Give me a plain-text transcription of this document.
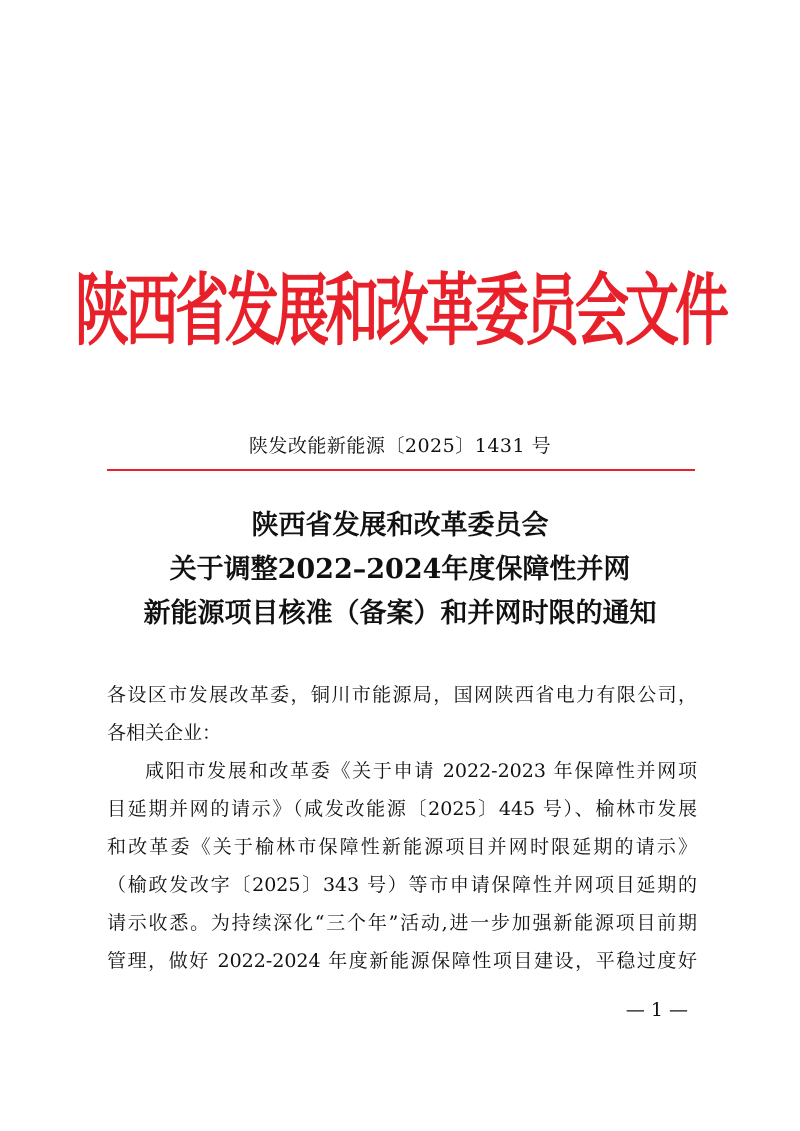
陕西省发展和改革委员会文件
陕发改能新能源〔2025〕1431 号
陕西省发展和改革委员会
关于调整2022–2024年度保障性并网
新能源项目核准（备案）和并网时限的通知
各设区市发展改革委，铜川市能源局，国网陕西省电力有限公司，
各相关企业：
咸阳市发展和改革委《关于申请 2022-2023 年保障性并网项
目延期并网的请示》（咸发改能源〔2025〕445 号）、榆林市发展
和改革委《关于榆林市保障性新能源项目并网时限延期的请示》
（榆政发改字〔2025〕343 号）等市申请保障性并网项目延期的
请示收悉。为持续深化“三个年”活动,进一步加强新能源项目前期
管理，做好 2022-2024 年度新能源保障性项目建设，平稳过度好
— 1 —
